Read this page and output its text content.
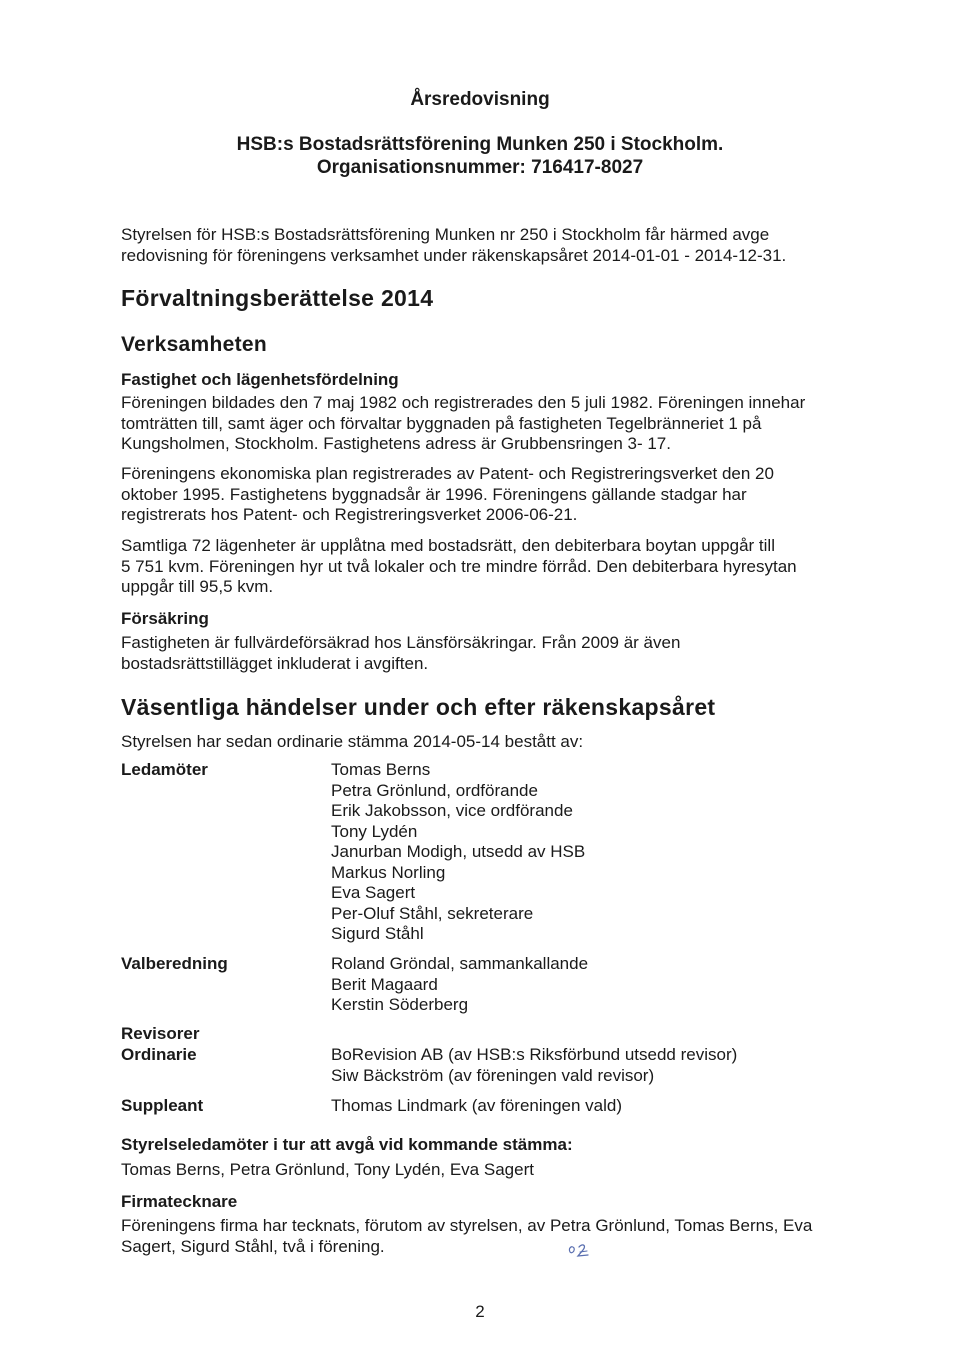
Årsredovisning
HSB:s Bostadsrättsförening Munken 250 i Stockholm.
Organisationsnummer: 716417-8027
Styrelsen för HSB:s Bostadsrättsförening Munken nr 250 i Stockholm får härmed avge
redovisning för föreningens verksamhet under räkenskapsåret 2014-01-01 - 2014-12-31.
Förvaltningsberättelse 2014
Verksamheten
Fastighet och lägenhetsfördelning
Föreningen bildades den 7 maj 1982 och registrerades den 5 juli 1982. Föreningen innehar
tomträtten till, samt äger och förvaltar byggnaden på fastigheten Tegelbränneriet 1 på
Kungsholmen, Stockholm. Fastighetens adress är Grubbensringen 3- 17.
Föreningens ekonomiska plan registrerades av Patent- och Registreringsverket den 20
oktober 1995. Fastighetens byggnadsår är 1996. Föreningens gällande stadgar har
registrerats hos Patent- och Registreringsverket 2006-06-21.
Samtliga 72 lägenheter är upplåtna med bostadsrätt, den debiterbara boytan uppgår till
5 751 kvm. Föreningen hyr ut två lokaler och tre mindre förråd. Den debiterbara hyresytan
uppgår till 95,5 kvm.
Försäkring
Fastigheten är fullvärdeförsäkrad hos Länsförsäkringar. Från 2009 är även
bostadsrättstillägget inkluderat i avgiften.
Väsentliga händelser under och efter räkenskapsåret
Styrelsen har sedan ordinarie stämma 2014-05-14 bestått av:
Ledamöter	Tomas Berns
Petra Grönlund, ordförande
Erik Jakobsson, vice ordförande
Tony Lydén
Janurban Modigh, utsedd av HSB
Markus Norling
Eva Sagert
Per-Oluf Ståhl, sekreterare
Sigurd Ståhl
Valberedning	Roland Gröndal, sammankallande
Berit Magaard
Kerstin Söderberg
Revisorer
Ordinarie	BoRevision AB (av HSB:s Riksförbund utsedd revisor)
Siw Bäckström (av föreningen vald revisor)
Suppleant	Thomas Lindmark (av föreningen vald)
Styrelseledamöter i tur att avgå vid kommande stämma:
Tomas Berns, Petra Grönlund, Tony Lydén, Eva Sagert
Firmatecknare
Föreningens firma har tecknats, förutom av styrelsen, av Petra Grönlund, Tomas Berns, Eva
Sagert, Sigurd Ståhl, två i förening.
2
